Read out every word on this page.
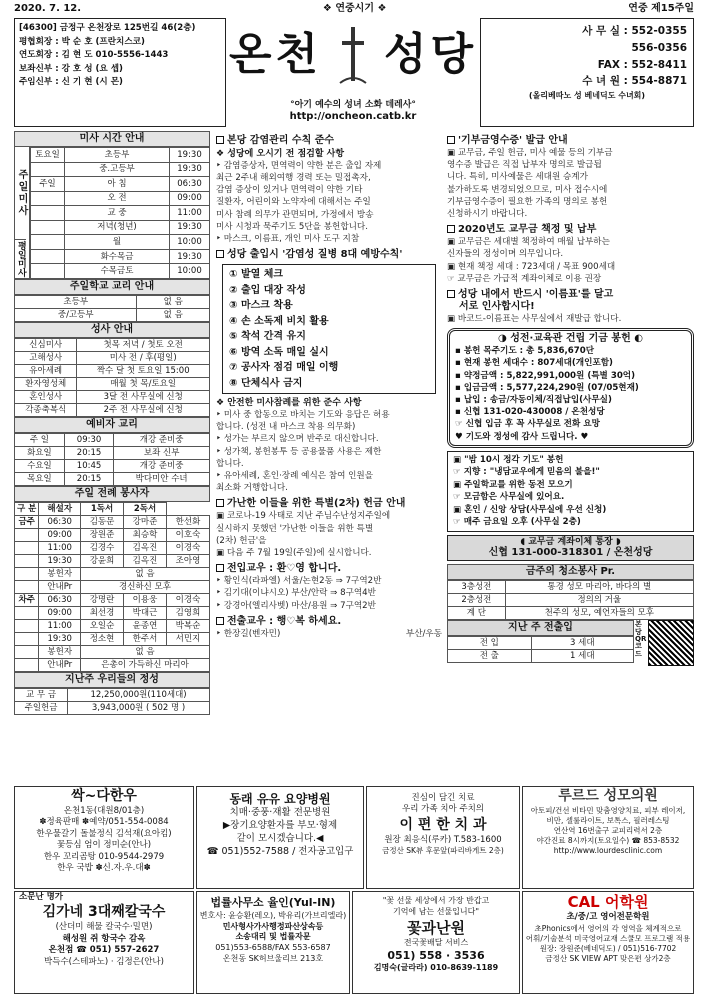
2020. 7. 12.	❖ 연중시기 ❖	연중 제15주일
[46300] 금정구 온천장로 125번길 46(2층)
평협회장 : 박 순 호 (프란치스코)
연도회장 : 김 현 도 010-5556-1443
보좌신부 : 강 호 성 (요 셉)
주임신부 : 신 기 현 (시 몬)
온천 성당
°아기 예수의 성녀 소화 데레사°
http://oncheon.catb.kr
사 무 실 : 552-0355
556-0356
FAX : 552-8411
수 녀 원 : 554-8871
(올리베따노 성 베네딕도 수녀회)
미사 시간 안내
주일미사
평일미사
토요일	초등부	19:30
	중.고등부	19:30
주일	아 침	06:30
	오 전	09:00
	교 중	11:00
	저녁(청년)	19:30
	월	10:00
	화수목금	19:30
	수목금토	10:00
주일학교 교리 안내
초등부	없 음
중/고등부	없 음
성사 안내
신심미사	첫목 저녁 / 첫토 오전
고해성사	미사 전 / 후(평일)
유아세례	짝수 달 첫 토요일 15:00
환자영성체	매월 첫 목/토요일
혼인성사	3달 전 사무실에 신청
각종축복식	2주 전 사무실에 신청
예비자 교리
주 일	09:30	개강 준비중
화요일	20:15	보좌 신부
수요일	10:45	개강 준비중
목요일	20:15	박다미안 수녀
주일 전례 봉사자
구 분	해설자	1독서	2독서	
금주	06:30	김동문	강마준	한선화
	09:00	장원준	최승학	이호숙
	11:00	김경수	김옥진	이경숙
	19:30	강윤희	김옥진	조아영
	봉헌자	없 음		
	안내Pr	경신하신 모후		
차주	06:30	강명란	이용웅	이경숙
	09:00	최선경	박대근	김영희
	11:00	오일순	윤종연	박복순
	19:30	정소현	한주서	서민지
	봉헌자	없 음		
	안내Pr	은총이 가득하신 마리아		
지난주 우리들의 정성
교 무 금	12,250,000원(110세대)
주일헌금	3,943,000원 ( 502 명 )
본당 감염관리 수칙 준수
❖ 성당에 오시기 전 점검할 사항
‣ 감염증상자, 면역력이 약한 분은 출입 자제
최근 2주내 해외여행 경력 또는 밀접촉자,
감염 증상이 있거나 면역력이 약한 기타
질환자, 어린이와 노약자에 대해서는 주일
미사 참례 의무가 관면되며, 가정에서 방송
미사 시청과 묵주기도 5단을 봉헌합니다.
‣ 마스크, 이름표, 개인 미사 도구 지참
성당 출입시 '감염성 질병 8대 예방수칙'
① 발열 체크
② 출입 대장 작성
③ 마스크 착용
④ 손 소독제 비치 활용
⑤ 착석 간격 유지
⑥ 방역 소독 매일 실시
⑦ 공사자 점검 매일 이행
⑧ 단체식사 금지
❖ 안전한 미사참례를 위한 준수 사항
‣ 미사 중 합동으로 바치는 기도와 응답은 허용
합니다. (성전 내 마스크 착용 의무화)
‣ 성가는 부르지 않으며 반주로 대신합니다.
‣ 성가책, 봉헌봉투 등 공용물품 사용은 제한
합니다.
‣ 유아세례, 혼인·장례 예식은 참여 인원을
최소화 거행합니다.
가난한 이들을 위한 특별(2차) 헌금 안내
▣ 코로나-19 사태로 지난 주님수난성지주일에
실시하지 못했던 '가난한 이들을 위한 특별
(2차) 헌금'을
▣ 다음 주 7월 19일(주일)에 실시합니다.
전입교우 : 환♡영 합니다.
‣ 황인식(라파엘) 서울/논현2동 ⇒ 7구역2반
‣ 김기대(이냐시오) 부산/안락 ⇒ 8구역4반
‣ 강경아(엘리사벳) 마산/용원 ⇒ 7구역2반
전출교우 : 행♡복 하세요.
‣ 한장길(벤자민)	부산/우동
'기부금영수증' 발급 안내
▣ 교무금, 주일 헌금, 미사 예물 등의 기부금
영수증 발급은 직접 납부자 명의로 발급됩
니다. 특히, 미사예물은 세대원 승계가
불가하도록 변경되었으므로, 미사 접수시에
기부금영수증이 필요한 가족의 명의로 봉헌
신청하시기 바랍니다.
2020년도 교무금 책정 및 납부
▣ 교무금은 세대별 책정하여 매월 납부하는
신자들의 정성이며 의무입니다.
▣ 현재 책정 세대 : 723세대 / 목표 900세대
☞ 교무금은 가급적 계좌이체로 이용 권장
성당 내에서 반드시 '이름표'를 달고
서로 인사합시다!
▣ 바코드-이름표는 사무실에서 재발급 합니다.
◑ 성전·교육관 건립 기금 봉헌 ◐
▪ 봉헌 목주기도 : 총 5,836,670단
▪ 현재 봉헌 세대수 : 807세대(개인포함)
▪ 약정금액 : 5,822,991,000원 (특별 30억)
▪ 입금금액 : 5,577,224,290원 (07/05현재)
▪ 납입 : 송금/자동이체/직접납입(사무실)
▪ 신협 131-020-430008 / 온천성당
☞ 신협 입금 후 꼭 사무실로 전화 요망
♥ 기도와 정성에 감사 드립니다. ♥
▣ "밤 10시 정각 기도" 봉헌
☞ 지향 : "냉담교우에게 믿음의 불을!"
▣ 주일학교를 위한 동전 모으기
☞ 모금함은 사무실에 있어요.
▣ 혼인 / 신앙 상담(사무실에 우선 신청)
☞ 매주 금요일 오후 (사무실 2층)
◖ 교무금 계좌이체 통장 ◗
신협 131-000-318301 / 온천성당
금주의 청소봉사 Pr.
3층성전	통경 성모 마리아, 바다의 별
2층성전	정의의 거울
계 단	천주의 성모, 예언자들의 모후
지난 주 전출입
전 입	3 세대
전 출	1 세대
본당 QR 코드
싹~다한우
온천1동(대원8/01층)
✽정육판매 ✽예약/051-554-0084
한우물갈기 돌불정식 김석재(요아킴)
꽃등심 엄이 정미순(안나)
한우 꼬리곰탕 010-9544-2979
한우 국밥 ✽신.자.우.대✽
동래 유유 요양병원
치매·중풍·재활 전문병원
▶장기요양환자를 부모·형제
같이 모시겠습니다.◀
☎ 051)552-7588 / 전자공고입구
진심이 담긴 치료
우리 가족 치아 주치의
이 편 한 치 과
원장 최응식(루카) T.583-1600
금정산 SK뷰 후문앞(파리바게트 2층)
루르드 성모의원
아토피/건선 비타민 맞춤영양치료, 피부 레이저,
비만, 셀룰라이트, 보톡스, 필러레스팅
연산역 16번출구 교피리력서 2층
야간진료 8시까지(토요일수) ☎ 853-8532
http://www.lourdesclinic.com
소문난 명가
김가네 3대째칼국수
(산더미 해물 칼국수·밀면)
해성원 쥐 항국수 감옥
온천점 ☎ 051) 557-2627
박득수(스테파노) · 김정은(안나)
법률사무소 율인(Yul-IN)
변호사: 윤승환(레오), 박유리(가브리엘라)
민사형사가사행정파산상속등
소송대리 및 법률자문
051)553-6588/FAX 553-6587
온천동 SK허브울리브 213호
"꽃 선물 세상에서 가장 반갑고
기억에 남는 선물입니다"
꽃과난원
전국꽃배달 서비스
051) 558 · 3536
김명숙(글라라) 010-8639-1189
CAL 어학원
초/중/고 영어전문학원
초Phonics에서 영어의 각 영역을 체계적으로
어휘/기술분석 미국영어교재 스쿨모 프로그램 적용
원장: 장원준(베네딕도) / 051)516-7702
금정산 SK VIEW APT 맞은편 상가2층
